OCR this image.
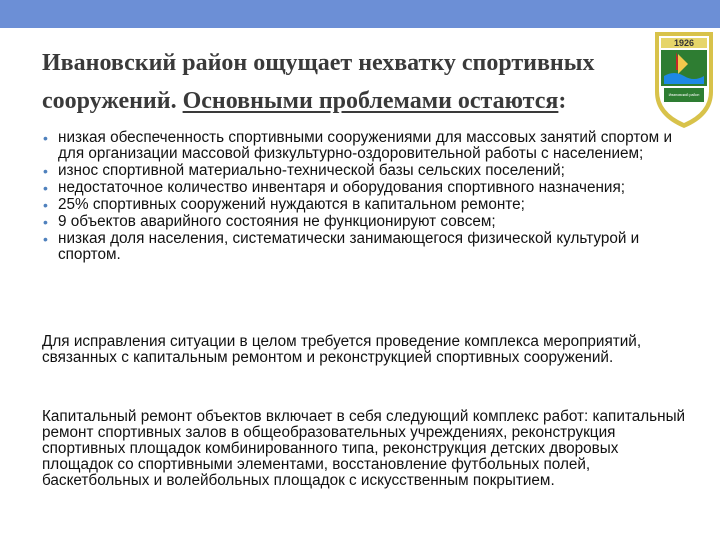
Ивановский район ощущает нехватку спортивных
сооружений. Основными проблемами остаются:
1926
Ивановский район
• низкая обеспеченность спортивными сооружениями для массовых занятий спортом и для организации массовой физкультурно-оздоровительной работы с населением;
• износ спортивной материально-технической базы сельских поселений;
• недостаточное количество инвентаря и оборудования спортивного назначения;
• 25% спортивных сооружений нуждаются в капитальном ремонте;
• 9 объектов аварийного состояния не функционируют совсем;
• низкая доля населения, систематически занимающегося физической культурой и спортом.
Для исправления ситуации в целом требуется проведение комплекса мероприятий, связанных с капитальным ремонтом и реконструкцией спортивных сооружений.
Капитальный ремонт объектов включает в себя следующий комплекс работ: капитальный ремонт спортивных залов в общеобразовательных учреждениях, реконструкция спортивных площадок комбинированного типа, реконструкция детских дворовых площадок со спортивными элементами, восстановление футбольных полей, баскетбольных и волейбольных площадок с искусственным покрытием.
